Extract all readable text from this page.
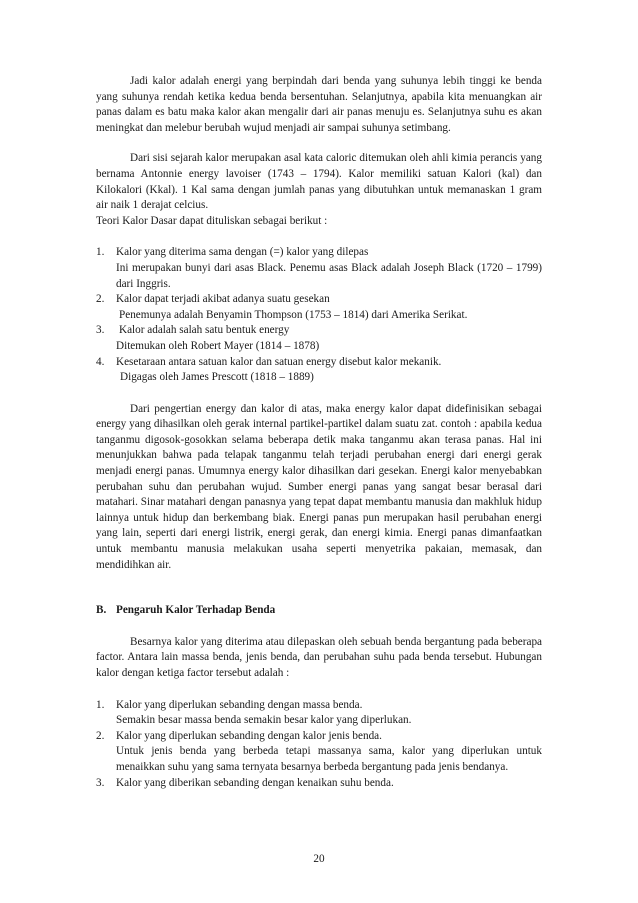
Jadi kalor adalah energi yang berpindah dari benda yang suhunya lebih tinggi ke benda yang suhunya rendah ketika kedua benda bersentuhan. Selanjutnya, apabila kita menuangkan air panas dalam es batu maka kalor akan mengalir dari air panas menuju es. Selanjutnya suhu es akan meningkat dan melebur berubah wujud menjadi air sampai suhunya setimbang.

Dari sisi sejarah kalor merupakan asal kata caloric ditemukan oleh ahli kimia perancis yang bernama Antonnie energy lavoiser (1743 – 1794). Kalor memiliki satuan Kalori (kal) dan Kilokalori (Kkal). 1 Kal sama dengan jumlah panas yang dibutuhkan untuk memanaskan 1 gram air naik 1 derajat celcius.

Teori Kalor Dasar dapat dituliskan sebagai berikut :

1.	Kalor yang diterima sama dengan (=) kalor yang dilepas
Ini merupakan bunyi dari asas Black. Penemu asas Black adalah Joseph Black (1720 – 1799) dari Inggris.
2.	Kalor dapat terjadi akibat adanya suatu gesekan
Penemunya adalah Benyamin Thompson (1753 – 1814) dari Amerika Serikat.
3.	Kalor adalah salah satu bentuk energy
Ditemukan oleh Robert Mayer (1814 – 1878)
4.	Kesetaraan antara satuan kalor dan satuan energy disebut kalor mekanik.
Digagas oleh James Prescott (1818 – 1889)

Dari pengertian energy dan kalor di atas, maka energy kalor dapat didefinisikan sebagai energy yang dihasilkan oleh gerak internal partikel-partikel dalam suatu zat. contoh : apabila kedua tanganmu digosok-gosokkan selama beberapa detik maka tanganmu akan terasa panas. Hal ini menunjukkan bahwa pada telapak tanganmu telah terjadi perubahan energi dari energi gerak menjadi energi panas. Umumnya energy kalor dihasilkan dari gesekan. Energi kalor menyebabkan perubahan suhu dan perubahan wujud. Sumber energi panas yang sangat besar berasal dari matahari. Sinar matahari dengan panasnya yang tepat dapat membantu manusia dan makhluk hidup lainnya untuk hidup dan berkembang biak. Energi panas pun merupakan hasil perubahan energi yang lain, seperti dari energi listrik, energi gerak, dan energi kimia. Energi panas dimanfaatkan untuk membantu manusia melakukan usaha seperti menyetrika pakaian, memasak, dan mendidihkan air.

B. Pengaruh Kalor Terhadap Benda

Besarnya kalor yang diterima atau dilepaskan oleh sebuah benda bergantung pada beberapa factor. Antara lain massa benda, jenis benda, dan perubahan suhu pada benda tersebut. Hubungan kalor dengan ketiga factor tersebut adalah :

1.	Kalor yang diperlukan sebanding dengan massa benda.
Semakin besar massa benda semakin besar kalor yang diperlukan.
2.	Kalor yang diperlukan sebanding dengan kalor jenis benda.
Untuk jenis benda yang berbeda tetapi massanya sama, kalor yang diperlukan untuk menaikkan suhu yang sama ternyata besarnya berbeda bergantung pada jenis bendanya.
3.	Kalor yang diberikan sebanding dengan kenaikan suhu benda.
20
